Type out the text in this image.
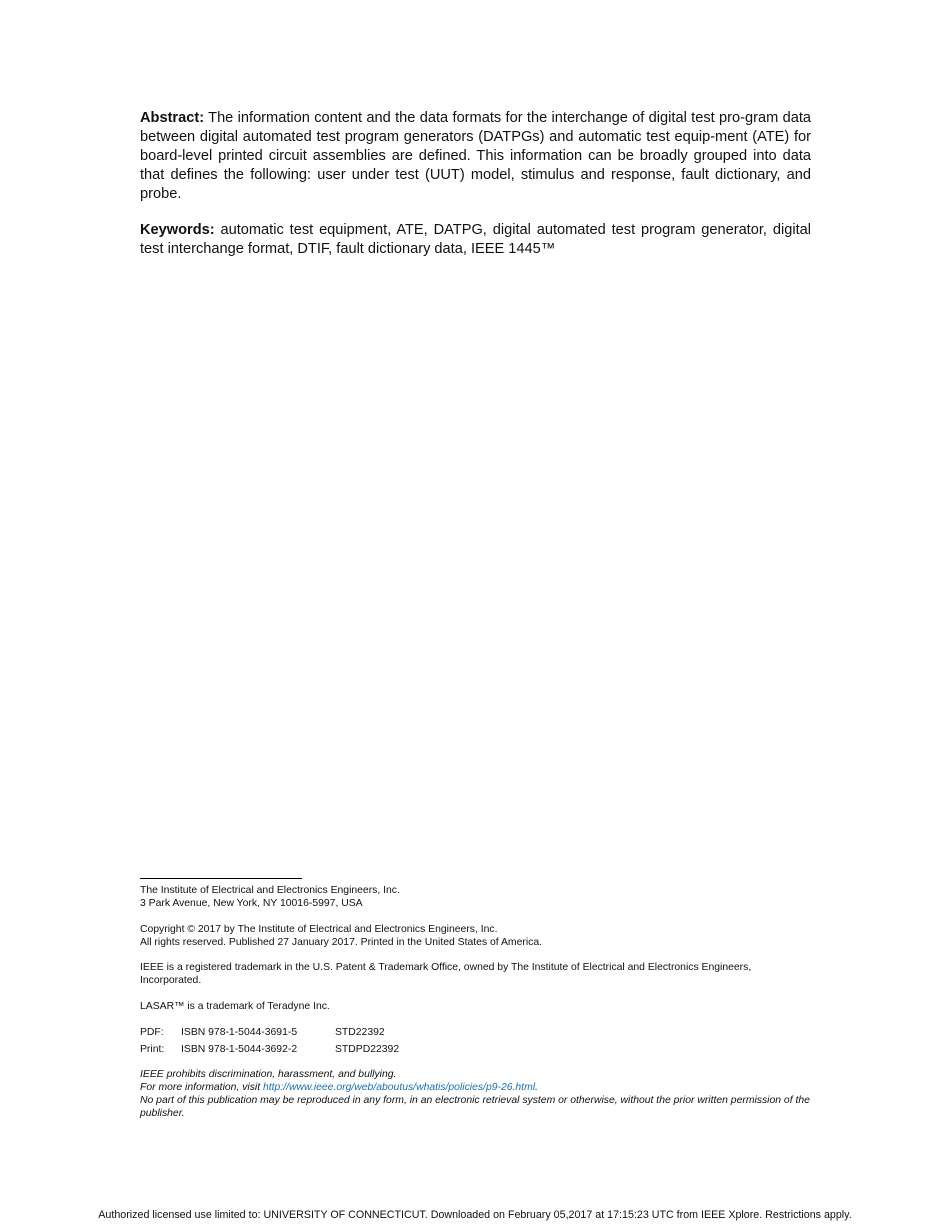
Abstract: The information content and the data formats for the interchange of digital test pro-gram data between digital automated test program generators (DATPGs) and automatic test equip-ment (ATE) for board-level printed circuit assemblies are defined. This information can be broadly grouped into data that defines the following: user under test (UUT) model, stimulus and response, fault dictionary, and probe.
Keywords: automatic test equipment, ATE, DATPG, digital automated test program generator, digital test interchange format, DTIF, fault dictionary data, IEEE 1445™
The Institute of Electrical and Electronics Engineers, Inc.
3 Park Avenue, New York, NY 10016-5997, USA
Copyright © 2017 by The Institute of Electrical and Electronics Engineers, Inc.
All rights reserved. Published 27 January 2017. Printed in the United States of America.
IEEE is a registered trademark in the U.S. Patent & Trademark Office, owned by The Institute of Electrical and Electronics Engineers, Incorporated.
LASAR™ is a trademark of Teradyne Inc.
PDF: ISBN 978-1-5044-3691-5	STD22392
Print: ISBN 978-1-5044-3692-2	STDPD22392
IEEE prohibits discrimination, harassment, and bullying.
For more information, visit http://www.ieee.org/web/aboutus/whatis/policies/p9-26.html.
No part of this publication may be reproduced in any form, in an electronic retrieval system or otherwise, without the prior written permission of the publisher.
Authorized licensed use limited to: UNIVERSITY OF CONNECTICUT. Downloaded on February 05,2017 at 17:15:23 UTC from IEEE Xplore. Restrictions apply.
